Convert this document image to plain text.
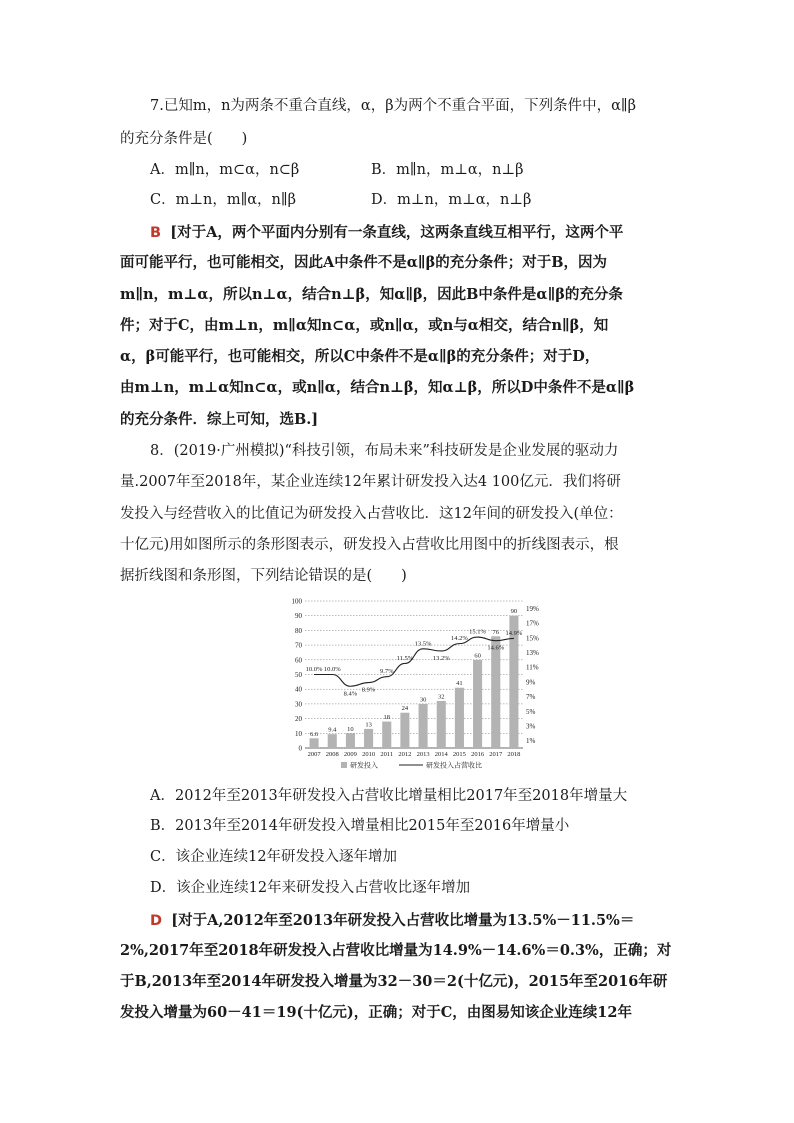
7.已知m，n为两条不重合直线，α，β为两个不重合平面，下列条件中，α∥β
的充分条件是(　　)
A．m∥n，m⊂α，n⊂β	B．m∥n，m⊥α，n⊥β
C．m⊥n，m∥α，n∥β	D．m⊥n，m⊥α，n⊥β
B [对于A，两个平面内分别有一条直线，这两条直线互相平行，这两个平
面可能平行，也可能相交，因此A中条件不是α∥β的充分条件；对于B，因为
m∥n，m⊥α，所以n⊥α，结合n⊥β，知α∥β，因此B中条件是α∥β的充分条
件；对于C，由m⊥n，m∥α知n⊂α，或n∥α，或n与α相交，结合n∥β，知
α，β可能平行，也可能相交，所以C中条件不是α∥β的充分条件；对于D，
由m⊥n，m⊥α知n⊂α，或n∥α，结合n⊥β，知α⊥β，所以D中条件不是α∥β
的充分条件．综上可知，选B.]
8．(2019·广州模拟)“科技引领，布局未来”科技研发是企业发展的驱动力
量.2007年至2018年，某企业连续12年累计研发投入达4 100亿元．我们将研
发投入与经营收入的比值记为研发投入占营收比．这12年间的研发投入(单位：
十亿元)用如图所示的条形图表示，研发投入占营收比用图中的折线图表示，根
据折线图和条形图，下列结论错误的是(　　)
0
10
20
30
40
50
60
70
80
90
100
1%
3%
5%
7%
9%
11%
13%
15%
17%
19%
6.6
2007
9.4
2008
10
2009
13
2010
18
2011
24
2012
30
2013
32
2014
41
2015
60
2016
76
2017
90
2018
10.0% 10.0%
8.4%
8.9%
9.7%
11.5%
13.5%
13.2%
14.2%
15.1%
14.6%
14.9%
研发投入	研发投入占营收比
A．2012年至2013年研发投入占营收比增量相比2017年至2018年增量大
B．2013年至2014年研发投入增量相比2015年至2016年增量小
C．该企业连续12年研发投入逐年增加
D．该企业连续12年来研发投入占营收比逐年增加
D [对于A,2012年至2013年研发投入占营收比增量为13.5%－11.5%＝
2%,2017年至2018年研发投入占营收比增量为14.9%－14.6%＝0.3%，正确；对
于B,2013年至2014年研发投入增量为32－30＝2(十亿元)，2015年至2016年研
发投入增量为60－41＝19(十亿元)，正确；对于C，由图易知该企业连续12年
